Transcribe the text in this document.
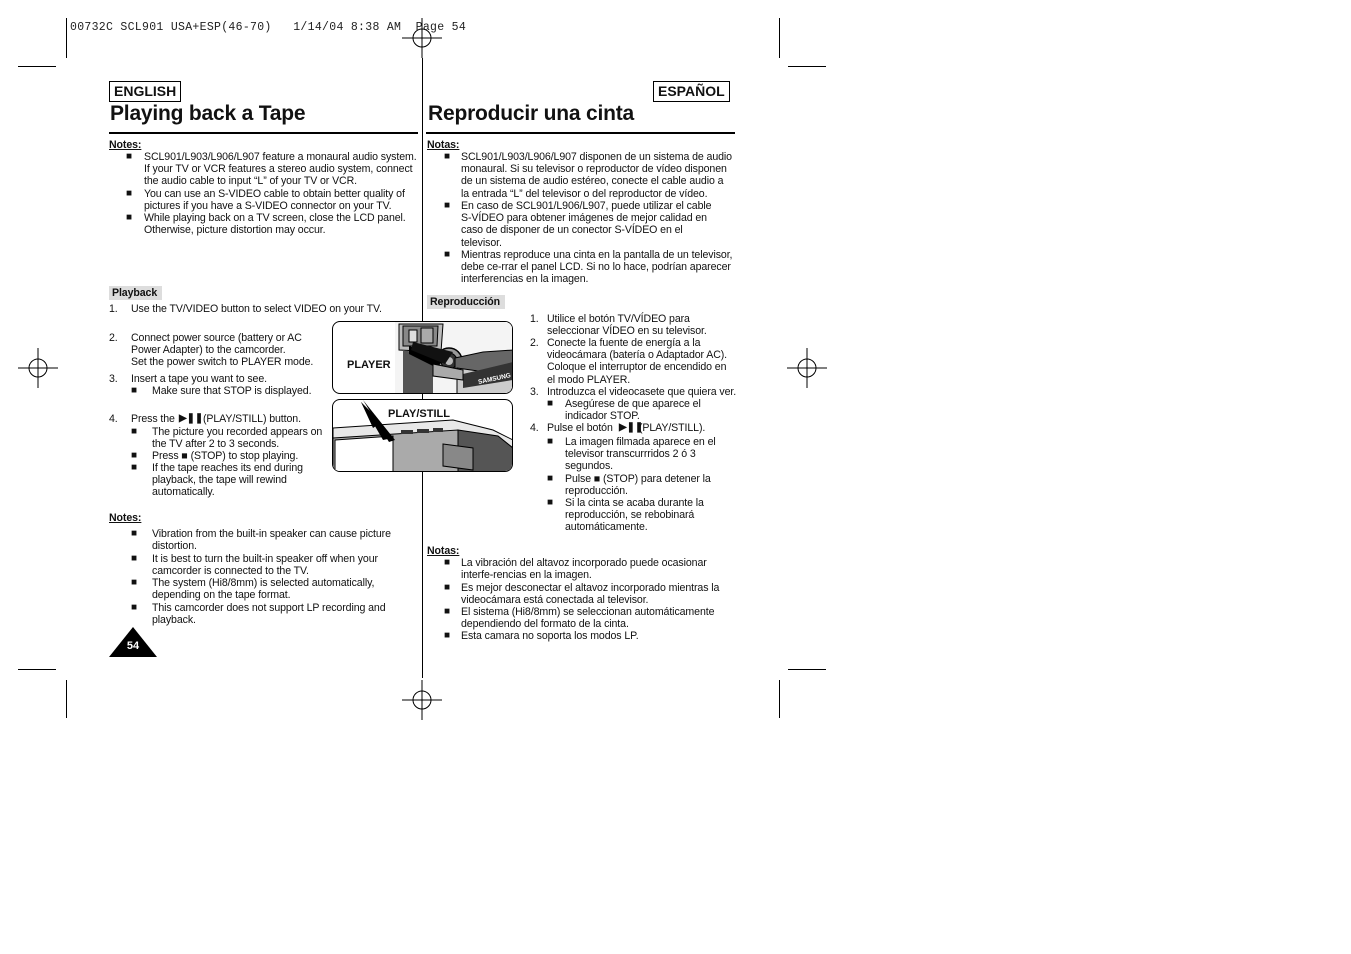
00732C SCL901 USA+ESP(46-70)   1/14/04 8:38 AM  Page 54
ENGLISH
Playing back a Tape
Notes:
■ SCL901/L903/L906/L907 feature a monaural audio system.
If your TV or VCR features a stereo audio system, connect
the audio cable to input “L” of your TV or VCR.
■ You can use an S-VIDEO cable to obtain better quality of
pictures if you have a S-VIDEO connector on your TV.
■ While playing back on a TV screen, close the LCD panel.
Otherwise, picture distortion may occur.
Playback
1. Use the TV/VIDEO button to select VIDEO on your TV.
2. Connect power source (battery or AC
Power Adapter) to the camcorder.
Set the power switch to PLAYER mode.
3. Insert a tape you want to see.
■ Make sure that STOP is displayed.
4. Press the ▶❚❚ (PLAY/STILL) button.
■ The picture you recorded appears on
the TV after 2 to 3 seconds.
■ Press ■ (STOP) to stop playing.
■ If the tape reaches its end during
playback, the tape will rewind
automatically.
Notes:
■ Vibration from the built-in speaker can cause picture
distortion.
■ It is best to turn the built-in speaker off when your
camcorder is connected to the TV.
■ The system (Hi8/8mm) is selected automatically,
depending on the tape format.
■ This camcorder does not support LP recording and
playback.
54
SAMSUNG
PLAYER
PLAY/STILL
ESPAÑOL
Reproducir una cinta
Notas:
■ SCL901/L903/L906/L907 disponen de un sistema de audio
monaural. Si su televisor o reproductor de vídeo disponen
de un sistema de audio estéreo, conecte el cable audio a
la entrada “L” del televisor o del reproductor de vídeo.
■ En caso de SCL901/L906/L907, puede utilizar el cable
S-VÍDEO para obtener imágenes de mejor calidad en
caso de disponer de un conector S-VÍDEO en el
televisor.
■ Mientras reproduce una cinta en la pantalla de un televisor,
debe ce-rrar el panel LCD. Si no lo hace, podrían aparecer
interferencias en la imagen.
Reproducción
1. Utilice el botón TV/VÍDEO para
seleccionar VÍDEO en su televisor.
2. Conecte la fuente de energía a la
videocámara (batería o Adaptador AC).
Coloque el interruptor de encendido en
el modo PLAYER.
3. Introduzca el videocasete que quiera ver.
■ Asegúrese de que aparece el
indicador STOP.
4. Pulse el botón ▶❚❚
(PLAY/STILL).
■ La imagen filmada aparece en el
televisor transcurrridos 2 ó 3
segundos.
■ Pulse ■ (STOP) para detener la
reproducción.
■ Si la cinta se acaba durante la
reproducción, se rebobinará
automáticamente.
Notas:
■ La vibración del altavoz incorporado puede ocasionar
interfe-rencias en la imagen.
■ Es mejor desconectar el altavoz incorporado mientras la
videocámara está conectada al televisor.
■ El sistema (Hi8/8mm) se seleccionan automáticamente
dependiendo del formato de la cinta.
■ Esta camara no soporta los modos LP.
